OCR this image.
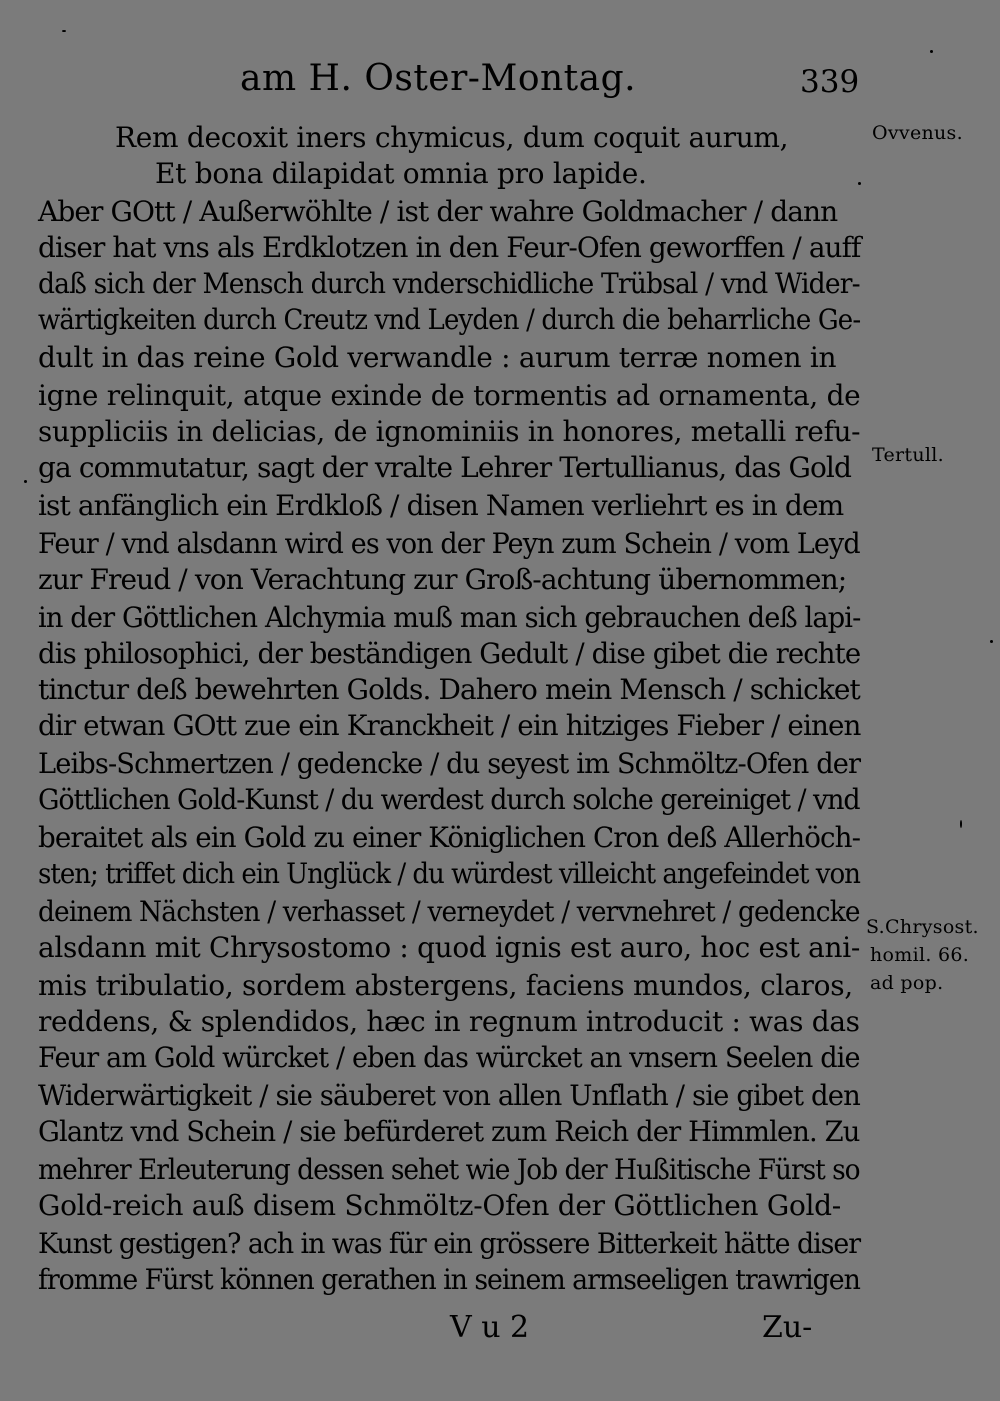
am H. Oster-Montag.	339
Rem decoxit iners chymicus, dum coquit aurum,
Et bona dilapidat omnia pro lapide.
Aber GOtt / Außerwöhlte / ist der wahre Goldmacher / dann
diser hat vns als Erdklotzen in den Feur-Ofen geworffen / auff
daß sich der Mensch durch vnderschidliche Trübsal / vnd Wider-
wärtigkeiten durch Creutz vnd Leyden / durch die beharrliche Ge-
dult in das reine Gold verwandle : aurum terræ nomen in
igne relinquit, atque exinde de tormentis ad ornamenta, de
suppliciis in delicias, de ignominiis in honores, metalli refu-
ga commutatur, sagt der vralte Lehrer Tertullianus, das Gold
ist anfänglich ein Erdkloß / disen Namen verliehrt es in dem
Feur / vnd alsdann wird es von der Peyn zum Schein / vom Leyd
zur Freud / von Verachtung zur Groß-achtung übernommen;
in der Göttlichen Alchymia muß man sich gebrauchen deß lapi-
dis philosophici, der beständigen Gedult / dise gibet die rechte
tinctur deß bewehrten Golds. Dahero mein Mensch / schicket
dir etwan GOtt zue ein Kranckheit / ein hitziges Fieber / einen
Leibs-Schmertzen / gedencke / du seyest im Schmöltz-Ofen der
Göttlichen Gold-Kunst / du werdest durch solche gereiniget / vnd
beraitet als ein Gold zu einer Königlichen Cron deß Allerhöch-
sten; triffet dich ein Unglück / du würdest villeicht angefeindet von
deinem Nächsten / verhasset / verneydet / vervnehret / gedencke
alsdann mit Chrysostomo : quod ignis est auro, hoc est ani-
mis tribulatio, sordem abstergens, faciens mundos, claros,
reddens, & splendidos, hæc in regnum introducit : was das
Feur am Gold würcket / eben das würcket an vnsern Seelen die
Widerwärtigkeit / sie säuberet von allen Unflath / sie gibet den
Glantz vnd Schein / sie befürderet zum Reich der Himmlen. Zu
mehrer Erleuterung dessen sehet wie Job der Hußitische Fürst so
Gold-reich auß disem Schmöltz-Ofen der Göttlichen Gold-
Kunst gestigen? ach in was für ein grössere Bitterkeit hätte diser
fromme Fürst können gerathen in seinem armseeligen trawrigen
Ovvenus.
Tertull.
S.Chrysost.
homil. 66.
ad pop.
V u 2	Zu-
